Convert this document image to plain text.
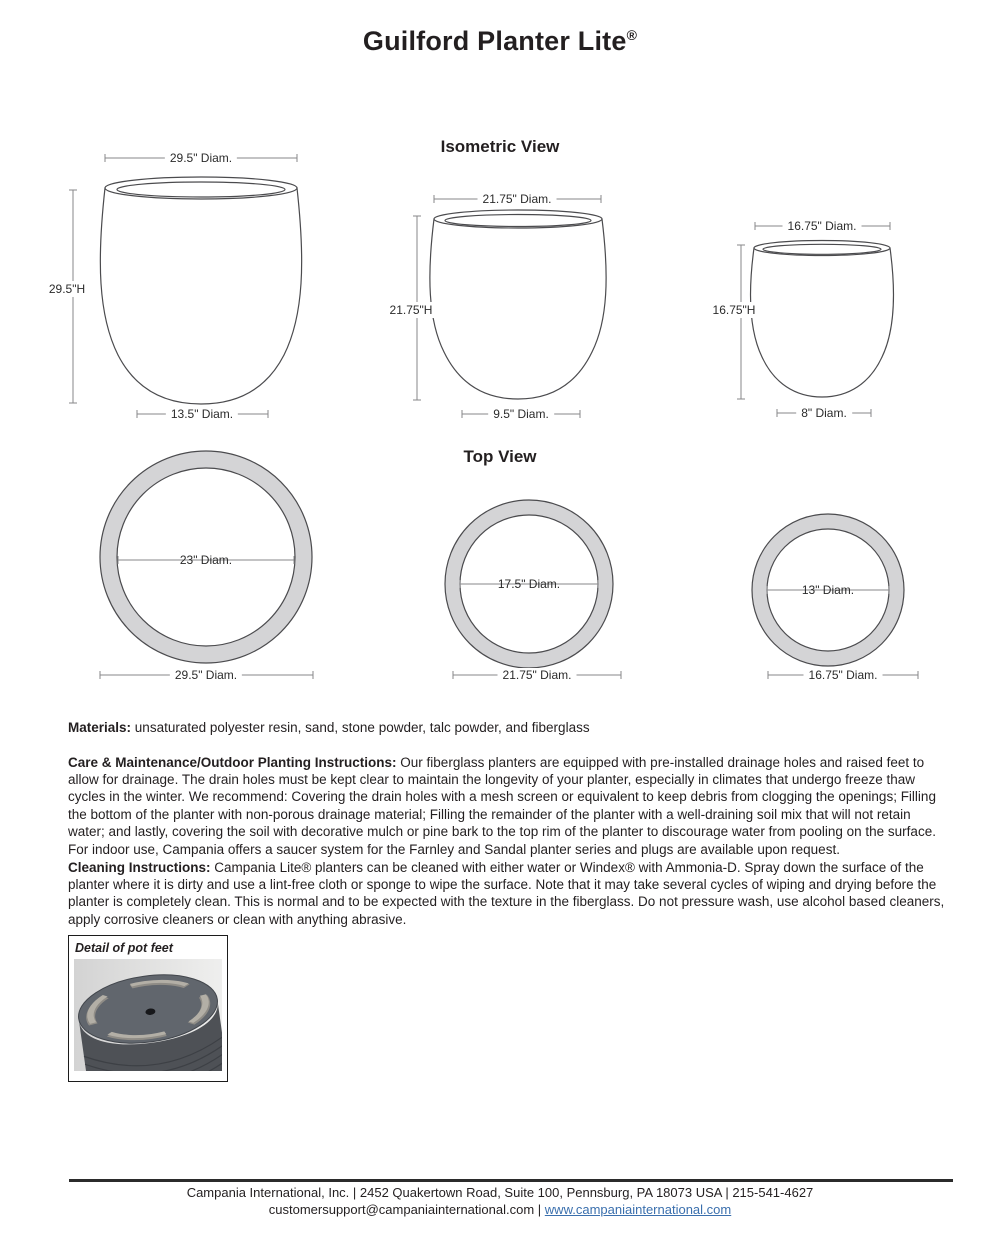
Guilford Planter Lite®
Isometric View
Top View
29.5" Diam.
29.5"H
13.5" Diam.
21.75" Diam.
21.75"H
9.5" Diam.
16.75" Diam.
16.75"H
8" Diam.
23" Diam.
29.5" Diam.
17.5" Diam.
21.75" Diam.
13" Diam.
16.75" Diam.

Materials: unsaturated polyester resin, sand, stone powder, talc powder, and fiberglass

Care & Maintenance/Outdoor Planting Instructions: Our fiberglass planters are equipped with pre-installed drainage holes and raised feet to allow for drainage. The drain holes must be kept clear to maintain the longevity of your planter, especially in climates that undergo freeze thaw cycles in the winter. We recommend: Covering the drain holes with a mesh screen or equivalent to keep debris from clogging the openings; Filling the bottom of the planter with non-porous drainage material; Filling the remainder of the planter with a well-draining soil mix that will not retain water; and lastly, covering the soil with decorative mulch or pine bark to the top rim of the planter to discourage water from pooling on the surface. For indoor use, Campania offers a saucer system for the Farnley and Sandal planter series and plugs are available upon request.

Cleaning Instructions: Campania Lite® planters can be cleaned with either water or Windex® with Ammonia-D. Spray down the surface of the planter where it is dirty and use a lint-free cloth or sponge to wipe the surface. Note that it may take several cycles of wiping and drying before the planter is completely clean. This is normal and to be expected with the texture in the fiberglass. Do not pressure wash, use alcohol based cleaners, apply corrosive cleaners or clean with anything abrasive.

Detail of pot feet
Campania International, Inc. | 2452 Quakertown Road, Suite 100, Pennsburg, PA 18073 USA | 215-541-4627
customersupport@campaniainternational.com | www.campaniainternational.com
